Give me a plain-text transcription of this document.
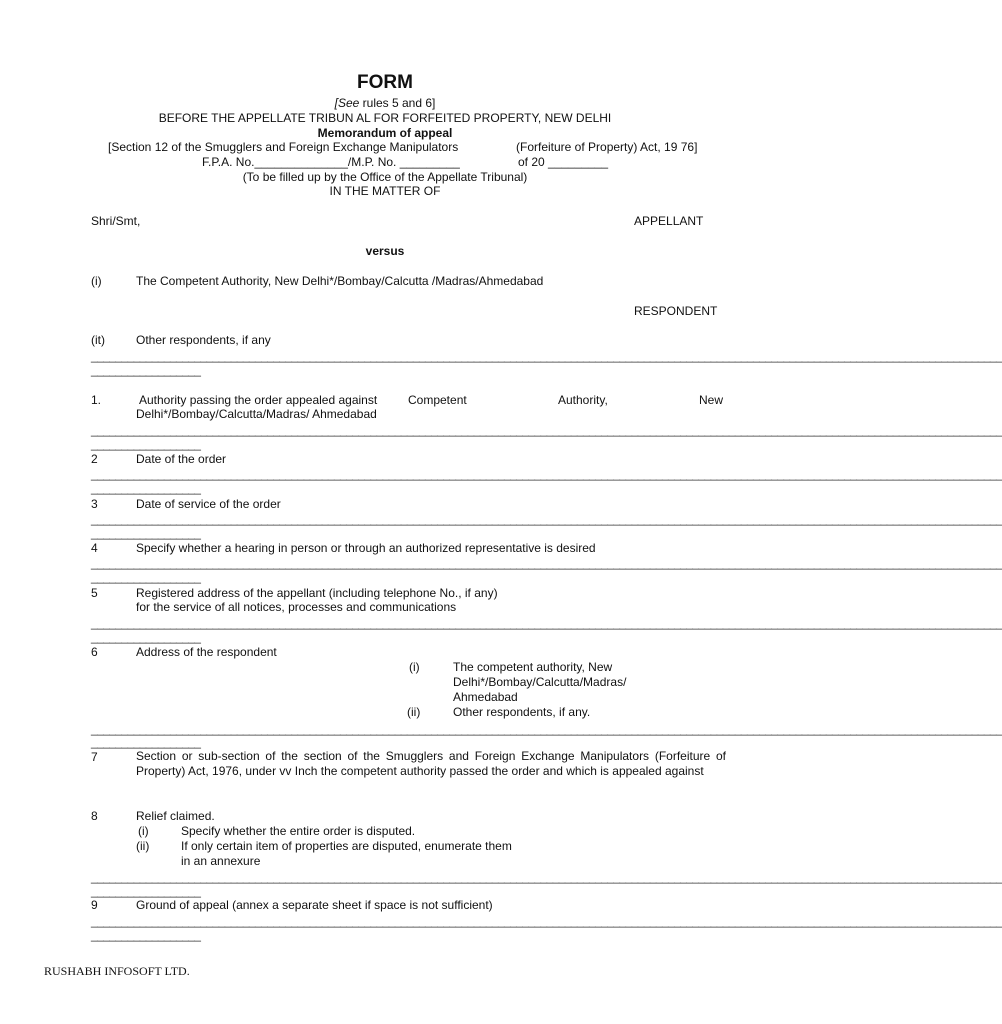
FORM
[See rules 5 and 6]
BEFORE THE APPELLATE TRIBUN AL FOR FORFEITED PROPERTY, NEW DELHI
Memorandum of appeal
[Section 12 of the Smugglers and Foreign Exchange Manipulators	(Forfeiture of Property) Act, 19 76]
F.P.A. No.______________/M.P. No. _________	of 20 _________
(To be filled up by the Office of the Appellate Tribunal)
IN THE MATTER OF
Shri/Smt,	APPELLANT
versus
(i)	The Competent Authority, New Delhi*/Bombay/Calcutta /Madras/Ahmedabad
RESPONDENT
(it)	Other respondents, if any
______________________________________________________________________________________________________________________________________________________
__________________
1.	Authority passing the order appealed against	Competent	Authority,	New
Delhi*/Bombay/Calcutta/Madras/ Ahmedabad
______________________________________________________________________________________________________________________________________________________
__________________
2	Date of the order
______________________________________________________________________________________________________________________________________________________
__________________
3	Date of service of the order
______________________________________________________________________________________________________________________________________________________
__________________
4	Specify whether a hearing in person or through an authorized representative is desired
______________________________________________________________________________________________________________________________________________________
__________________
5	Registered address of the appellant (including telephone No., if any)
for the service of all notices, processes and communications
______________________________________________________________________________________________________________________________________________________
__________________
6	Address of the respondent
(i)	The competent authority, New
Delhi*/Bombay/Calcutta/Madras/
Ahmedabad
(ii)	Other respondents, if any.
______________________________________________________________________________________________________________________________________________________
__________________
7	Section or sub-section of the section of the Smugglers and Foreign Exchange Manipulators (Forfeiture of Property) Act, 1976, under vv Inch the competent authority passed the order and which is appealed against
8	Relief claimed.
(i)	Specify whether the entire order is disputed.
(ii)	If only certain item of properties are disputed, enumerate them
in an annexure
______________________________________________________________________________________________________________________________________________________
__________________
9	Ground of appeal (annex a separate sheet if space is not sufficient)
______________________________________________________________________________________________________________________________________________________
__________________
RUSHABH INFOSOFT LTD.
